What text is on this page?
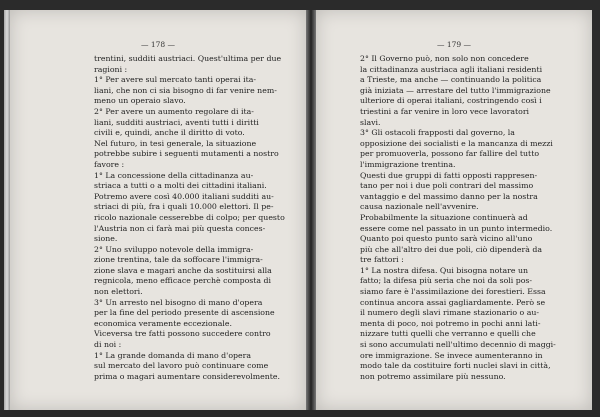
— 178 —
trentini, sudditi austriaci. Quest'ultima per due
ragioni :
1° Per avere sul mercato tanti operai ita-
liani, che non ci sia bisogno di far venire nem-
meno un operaio slavo.
2° Per avere un aumento regolare di ita-
liani, sudditi austriaci, aventi tutti i diritti
civili e, quindi, anche il diritto di voto.
Nel futuro, in tesi generale, la situazione
potrebbe subire i seguenti mutamenti a nostro
favore :
1° La concessione della cittadinanza au-
striaca a tutti o a molti dei cittadini italiani.
Potremo avere così 40.000 italiani sudditi au-
striaci di più, fra i quali 10.000 elettori. Il pe-
ricolo nazionale cesserebbe di colpo; per questo
l'Austria non ci farà mai più questa conces-
sione.
2° Uno sviluppo notevole della immigra-
zione trentina, tale da soffocare l'immigra-
zione slava e magari anche da sostituirsi alla
regnicola, meno efficace perchè composta di
non elettori.
3° Un arresto nel bisogno di mano d'opera
per la fine del periodo presente di ascensione
economica veramente eccezionale.
Viceversa tre fatti possono succedere contro
di noi :
1° La grande domanda di mano d'opera
sul mercato del lavoro può continuare come
prima o magari aumentare considerevolmente.
— 179 —
2° Il Governo può, non solo non concedere
la cittadinanza austriaca agli italiani residenti
a Trieste, ma anche — continuando la politica
già iniziata — arrestare del tutto l'immigrazione
ulteriore di operai italiani, costringendo così i
triestini a far venire in loro vece lavoratori
slavi.
3° Gli ostacoli frapposti dal governo, la
opposizione dei socialisti e la mancanza di mezzi
per promuoverla, possono far fallire del tutto
l'immigrazione trentina.
Questi due gruppi di fatti opposti rappresen-
tano per noi i due poli contrari del massimo
vantaggio e del massimo danno per la nostra
causa nazionale nell'avvenire.
Probabilmente la situazione continuerà ad
essere come nel passato in un punto intermedio.
Quanto poi questo punto sarà vicino all'uno
più che all'altro dei due poli, ciò dipenderà da
tre fattori :
1° La nostra difesa. Qui bisogna notare un
fatto; la difesa più seria che noi da soli pos-
siamo fare è l'assimilazione dei forestieri. Essa
continua ancora assai gagliardamente. Però se
il numero degli slavi rimane stazionario o au-
menta di poco, noi potremo in pochi anni lati-
nizzare tutti quelli che verranno e quelli che
si sono accumulati nell'ultimo decennio di maggi-
ore immigrazione. Se invece aumenteranno in
modo tale da costituire forti nuclei slavi in città,
non potremo assimilare più nessuno.
